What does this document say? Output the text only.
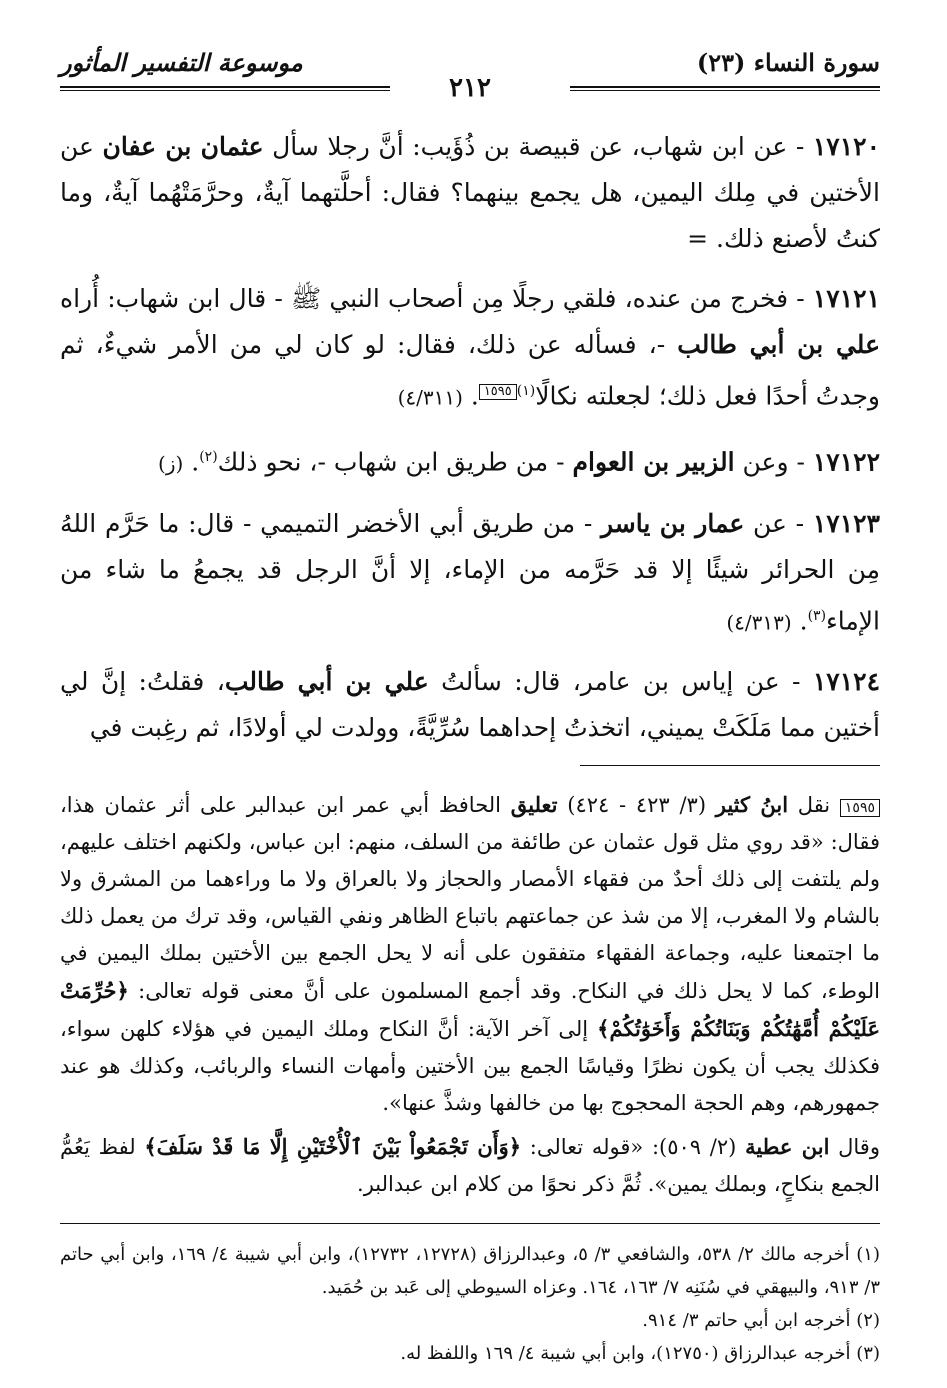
سورة النساء (٢٣)
موسوعة التفسير المأثور
٢١٢

١٧١٢٠ - عن ابن شهاب، عن قبيصة بن ذُؤَيب: أنَّ رجلا سأل عثمان بن عفان عن الأختين في مِلك اليمين، هل يجمع بينهما؟ فقال: أحلَّتهما آيةٌ، وحرَّمَتْهُما آيةٌ، وما كنتُ لأصنع ذلك. =

١٧١٢١ - فخرج من عنده، فلقي رجلًا مِن أصحاب النبي ﷺ - قال ابن شهاب: أُراه علي بن أبي طالب -، فسأله عن ذلك، فقال: لو كان لي من الأمر شيءٌ، ثم وجدتُ أحدًا فعل ذلك؛ لجعلته نكالًا$^{(١)}$١٥٩٥. (٤/٣١١)

١٧١٢٢ - وعن الزبير بن العوام - من طريق ابن شهاب -، نحو ذلك$^{(٢)}$. (ز)

١٧١٢٣ - عن عمار بن ياسر - من طريق أبي الأخضر التميمي - قال: ما حَرَّم اللهُ مِن الحرائر شيئًا إلا قد حَرَّمه من الإماء، إلا أنَّ الرجل قد يجمعُ ما شاء من الإماء$^{(٣)}$. (٤/٣١٣)

١٧١٢٤ - عن إياس بن عامر، قال: سألتُ علي بن أبي طالب، فقلتُ: إنَّ لي أختين مما مَلَكَتْ يميني، اتخذتُ إحداهما سُرِّيَّةً، وولدت لي أولادًا، ثم رغِبت في

١٥٩٥ نقل ابنُ كثير (٣/ ٤٢٣ - ٤٢٤) تعليق الحافظ أبي عمر ابن عبدالبر على أثر عثمان هذا، فقال: «قد روي مثل قول عثمان عن طائفة من السلف، منهم: ابن عباس، ولكنهم اختلف عليهم، ولم يلتفت إلى ذلك أحدٌ من فقهاء الأمصار والحجاز ولا بالعراق ولا ما وراءهما من المشرق ولا بالشام ولا المغرب، إلا من شذ عن جماعتهم باتباع الظاهر ونفي القياس، وقد ترك من يعمل ذلك ما اجتمعنا عليه، وجماعة الفقهاء متفقون على أنه لا يحل الجمع بين الأختين بملك اليمين في الوطء، كما لا يحل ذلك في النكاح. وقد أجمع المسلمون على أنَّ معنى قوله تعالى: ﴿حُرِّمَتْ عَلَيْكُمْ أُمَّهَٰتُكُمْ وَبَنَاتُكُمْ وَأَخَوَٰتُكُمْ﴾ إلى آخر الآية: أنَّ النكاح وملك اليمين في هؤلاء كلهن سواء، فكذلك يجب أن يكون نظرًا وقياسًا الجمع بين الأختين وأمهات النساء والربائب، وكذلك هو عند جمهورهم، وهم الحجة المحجوج بها من خالفها وشذَّ عنها».

وقال ابن عطية (٢/ ٥٠٩): «قوله تعالى: ﴿وَأَن تَجْمَعُواْ بَيْنَ ٱلْأُخْتَيْنِ إِلَّا مَا قَدْ سَلَفَ﴾ لفظ يَعُمُّ الجمع بنكاحٍ، وبملك يمين». ثُمَّ ذكر نحوًا من كلام ابن عبدالبر.

(١) أخرجه مالك ٢/ ٥٣٨، والشافعي ٣/ ٥، وعبدالرزاق (١٢٧٢٨، ١٢٧٣٢)، وابن أبي شيبة ٤/ ١٦٩، وابن أبي حاتم ٣/ ٩١٣، والبيهقي في سُنَنِه ٧/ ١٦٣، ١٦٤. وعزاه السيوطي إلى عَبد بن حُمَيد.

(٢) أخرجه ابن أبي حاتم ٣/ ٩١٤.

(٣) أخرجه عبدالرزاق (١٢٧٥٠)، وابن أبي شيبة ٤/ ١٦٩ واللفظ له.
